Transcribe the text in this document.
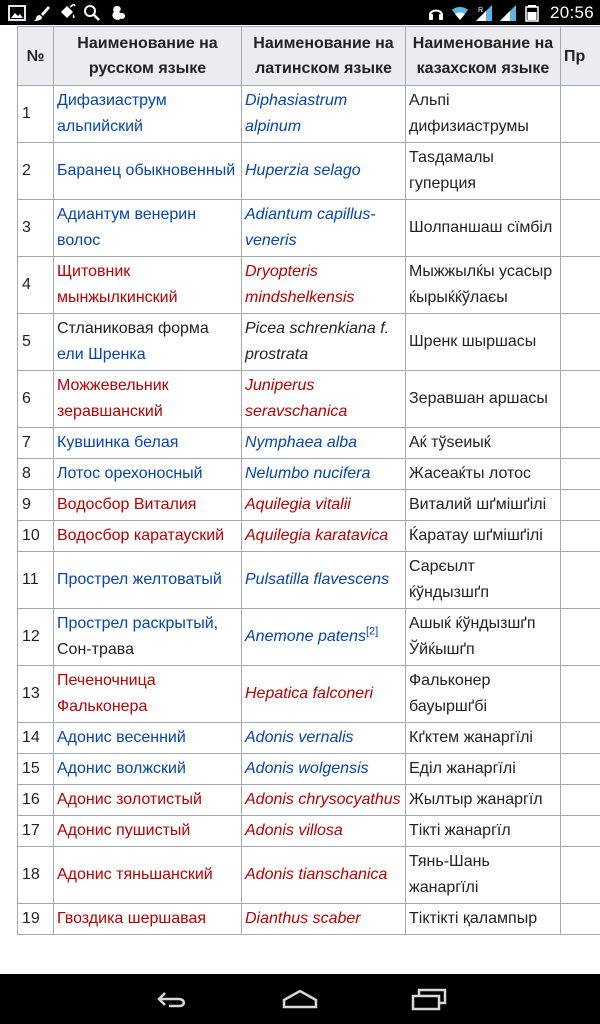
R	20:56
№	Наименование на русском языке	Наименование на латинском языке	Наименование на казахском языке	Пр
1	Дифазиаструм альпийский	Diphasiastrum alpinum	Альпі дифизиаструмы	
2	Баранец обыкновенный	Huperzia selago	Таѕдамалы гуперция	
3	Адиантум венерин волос	Adiantum capillus-veneris	Шолпаншаш сїмбіл	
4	Щитовник мынжылкинский	Dryopteris mindshelkensis	Мыжжылќы усасыр ќырыќќўлаєы	
5	Стланиковая форма ели Шренка	Picea schrenkiana f. prostrata	Шренк шыршасы	
6	Можжевельник зеравшанский	Juniperus seravschanica	Зеравшан аршасы	
7	Кувшинка белая	Nymphaea alba	Аќ тўѕеиыќ	
8	Лотос орехоносный	Nelumbo nucifera	Жасеаќты лотос	
9	Водосбор Виталия	Aquilegia vitalii	Виталий шґмішґілі	
10	Водосбор каратауский	Aquilegia karatavica	Ќаратау шґмішґілі	
11	Прострел желтоватый	Pulsatilla flavescens	Сарєылт ќўндызшґп	
12	Прострел раскрытый, Сон-трава	Anemone patens[2]	Ашыќ ќўндызшґп Ўйќышґп	
13	Печеночница Фальконера	Hepatica falconeri	Фальконер бауыршґбі	
14	Адонис весенний	Adonis vernalis	Кґктем жанаргїлі	
15	Адонис волжский	Adonis wolgensis	Еділ жанаргїлі	
16	Адонис золотистый	Adonis chrysocyathus	Жылтыр жанаргїл	
17	Адонис пушистый	Adonis villosa	Тікті жанаргїл	
18	Адонис тяньшанский	Adonis tianschanica	Тянь-Шань жанаргїлі	
19	Гвоздика шершавая	Dianthus scaber	Тіктікті қалампыр	
